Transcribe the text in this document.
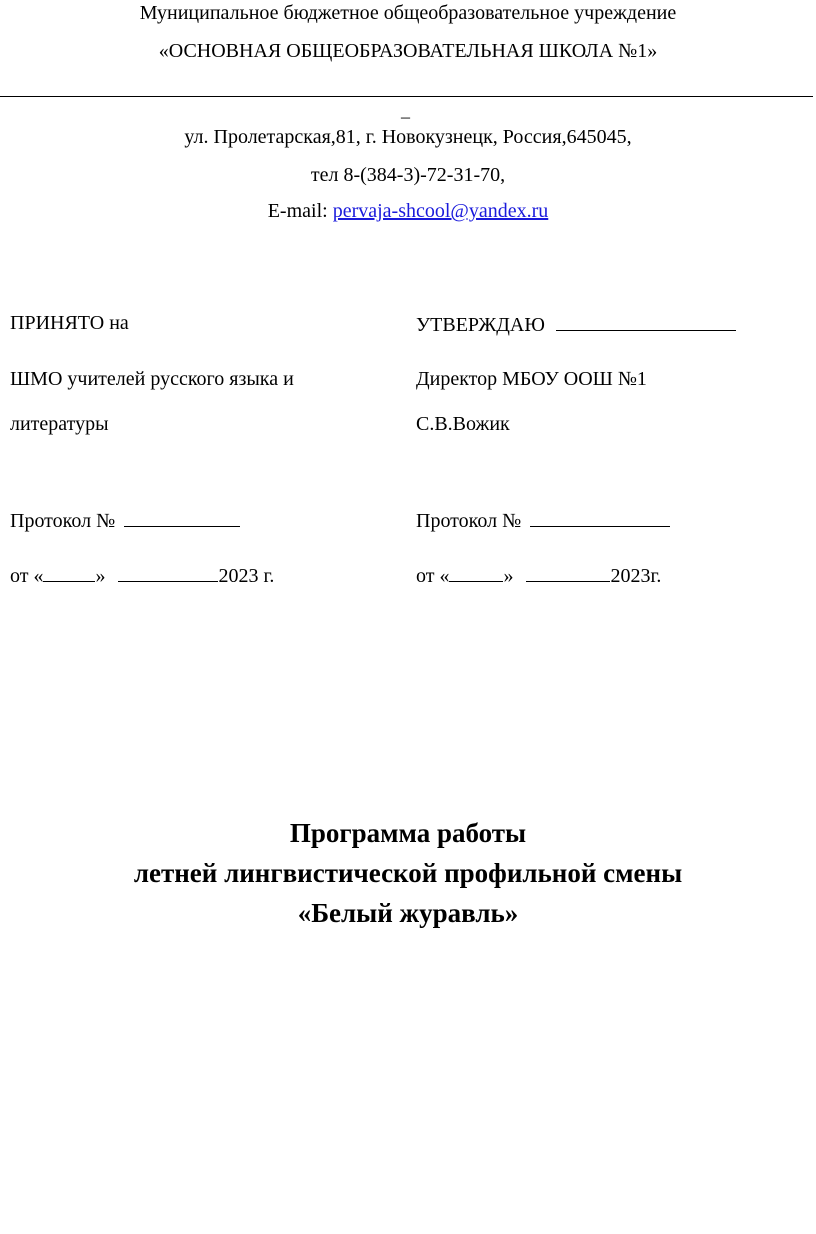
Муниципальное бюджетное общеобразовательное учреждение
«ОСНОВНАЯ ОБЩЕОБРАЗОВАТЕЛЬНАЯ ШКОЛА №1»
_
ул. Пролетарская,81, г. Новокузнецк, Россия,645045,
тел 8-(384-3)-72-31-70,
E-mail: pervaja-shcool@yandex.ru
ПРИНЯТО на
ШМО учителей русского языка и
литературы
Протокол №
от «	»	2023 г.
УТВЕРЖДАЮ
Директор МБОУ ООШ №1
С.В.Вожик
Протокол №
от «	»	2023г.
Программа работы
летней лингвистической профильной смены
«Белый журавль»
